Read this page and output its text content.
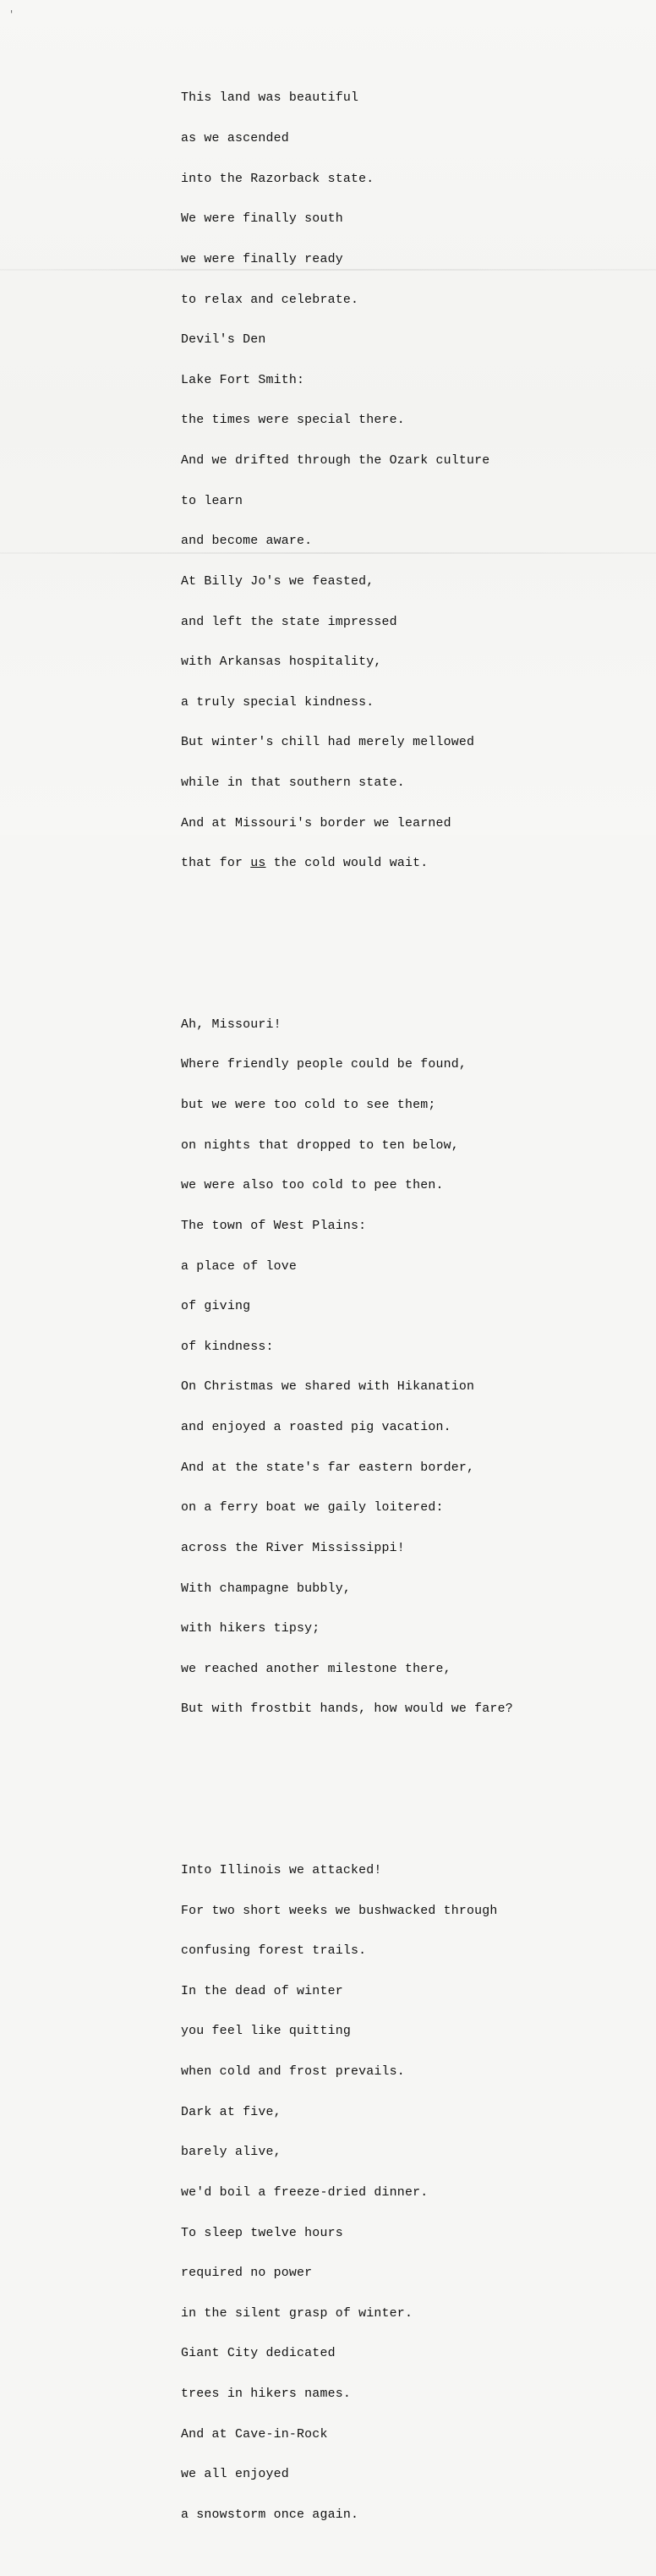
'

This land was beautiful

as we ascended

into the Razorback state.

We were finally south

we were finally ready

to relax and celebrate.

Devil's Den

Lake Fort Smith:

the times were special there.

And we drifted through the Ozark culture

to learn

and become aware.

At Billy Jo's we feasted,

and left the state impressed

with Arkansas hospitality,

a truly special kindness.

But winter's chill had merely mellowed

while in that southern state.

And at Missouri's border we learned

that for us the cold would wait.

Ah, Missouri!

Where friendly people could be found,

but we were too cold to see them;

on nights that dropped to ten below,

we were also too cold to pee then.

The town of West Plains:

a place of love

of giving

of kindness:

On Christmas we shared with Hikanation

and enjoyed a roasted pig vacation.

And at the state's far eastern border,

on a ferry boat we gaily loitered:

across the River Mississippi!

With champagne bubbly,

with hikers tipsy;

we reached another milestone there,

But with frostbit hands, how would we fare?

Into Illinois we attacked!

For two short weeks we bushwacked through

confusing forest trails.

In the dead of winter

you feel like quitting

when cold and frost prevails.

Dark at five,

barely alive,

we'd boil a freeze-dried dinner.

To sleep twelve hours

required no power

in the silent grasp of winter.

Giant City dedicated

trees in hikers names.

And at Cave-in-Rock

we all enjoyed

a snowstorm once again.
